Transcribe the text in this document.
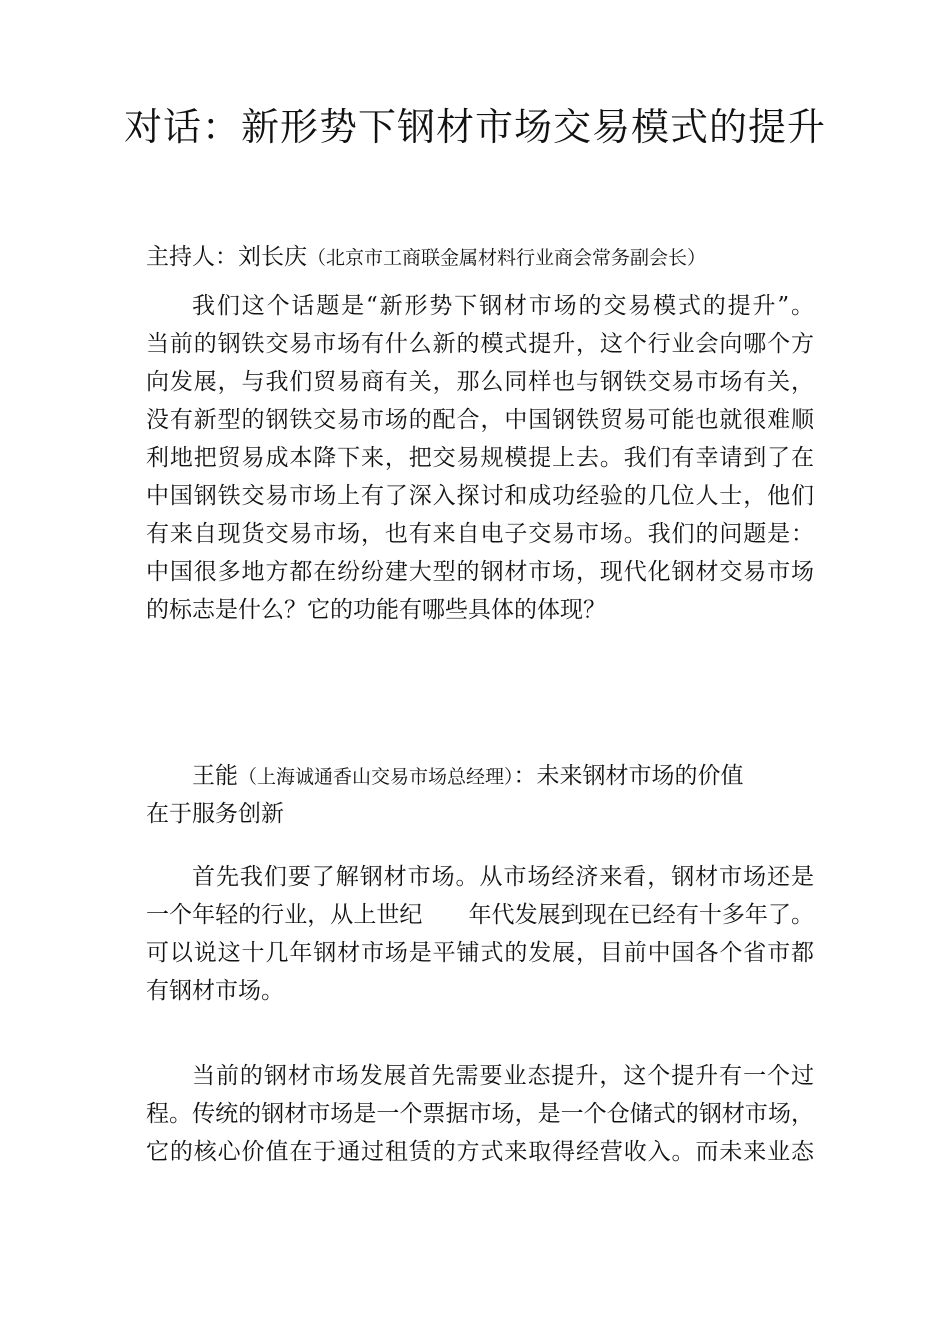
对话：新形势下钢材市场交易模式的提升
主持人：刘长庆（北京市工商联金属材料行业商会常务副会长）
我们这个话题是“新形势下钢材市场的交易模式的提升”。
当前的钢铁交易市场有什么新的模式提升，这个行业会向哪个方
向发展，与我们贸易商有关，那么同样也与钢铁交易市场有关，
没有新型的钢铁交易市场的配合，中国钢铁贸易可能也就很难顺
利地把贸易成本降下来，把交易规模提上去。我们有幸请到了在
中国钢铁交易市场上有了深入探讨和成功经验的几位人士，他们
有来自现货交易市场，也有来自电子交易市场。我们的问题是：
中国很多地方都在纷纷建大型的钢材市场，现代化钢材交易市场
的标志是什么？它的功能有哪些具体的体现？
王能（上海诚通香山交易市场总经理）：未来钢材市场的价值
在于服务创新
首先我们要了解钢材市场。从市场经济来看，钢材市场还是
一个年轻的行业，从上世纪　　年代发展到现在已经有十多年了。
可以说这十几年钢材市场是平铺式的发展，目前中国各个省市都
有钢材市场。
当前的钢材市场发展首先需要业态提升，这个提升有一个过
程。传统的钢材市场是一个票据市场，是一个仓储式的钢材市场，
它的核心价值在于通过租赁的方式来取得经营收入。而未来业态
